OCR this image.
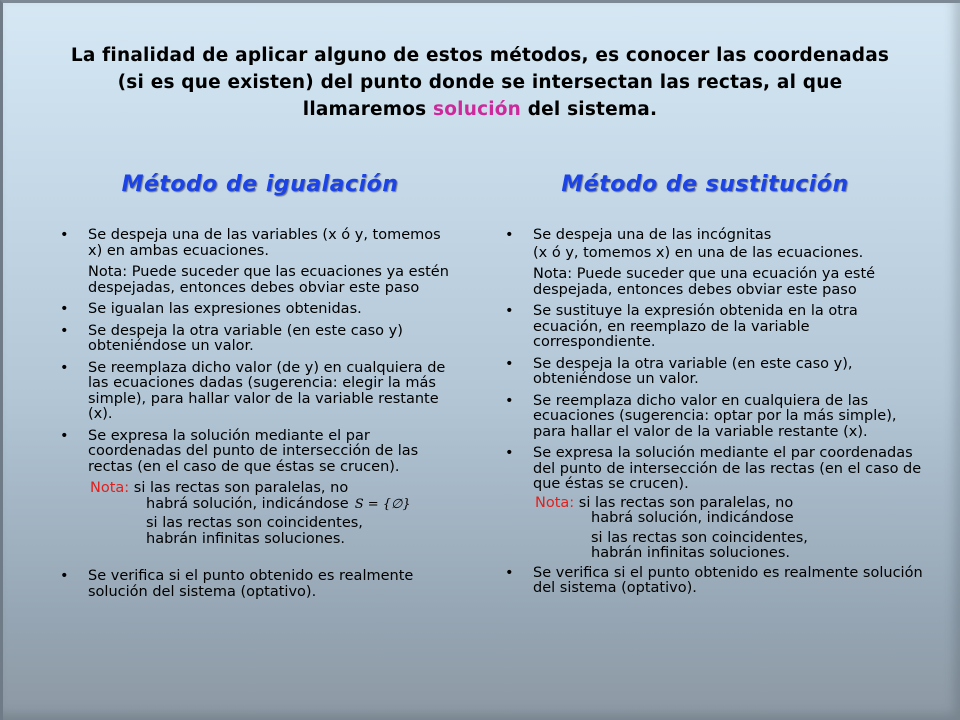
La finalidad de aplicar alguno de estos métodos, es conocer las coordenadas (si es que existen) del punto donde se intersectan las rectas, al que llamaremos solución del sistema.
Método de igualación	Método de sustitución
• Se despeja una de las variables (x ó y, tomemos x) en ambas ecuaciones.
Nota: Puede suceder que las ecuaciones ya estén despejadas, entonces debes obviar este paso
• Se igualan las expresiones obtenidas.
• Se despeja la otra variable (en este caso y) obteniéndose un valor.
• Se reemplaza dicho valor (de y) en cualquiera de las ecuaciones dadas (sugerencia: elegir la más simple), para hallar valor de la variable restante (x).
• Se expresa la solución mediante el par coordenadas del punto de intersección de las rectas (en el caso de que éstas se crucen).
Nota: si las rectas son paralelas, no
habrá solución, indicándose S = {∅}
si las rectas son coincidentes,
habrán infinitas soluciones.
• Se verifica si el punto obtenido es realmente solución del sistema (optativo).
• Se despeja una de las incógnitas
(x ó y, tomemos x) en una de las ecuaciones.
Nota: Puede suceder que una ecuación ya esté despejada, entonces debes obviar este paso
• Se sustituye la expresión obtenida en la otra ecuación, en reemplazo de la variable correspondiente.
• Se despeja la otra variable (en este caso y), obteniéndose un valor.
• Se reemplaza dicho valor en cualquiera de las ecuaciones (sugerencia: optar por la más simple), para hallar el valor de la variable restante (x).
• Se expresa la solución mediante el par coordenadas del punto de intersección de las rectas (en el caso de que éstas se crucen).
Nota: si las rectas son paralelas, no
habrá solución, indicándose
si las rectas son coincidentes,
habrán infinitas soluciones.
• Se verifica si el punto obtenido es realmente solución del sistema (optativo).
